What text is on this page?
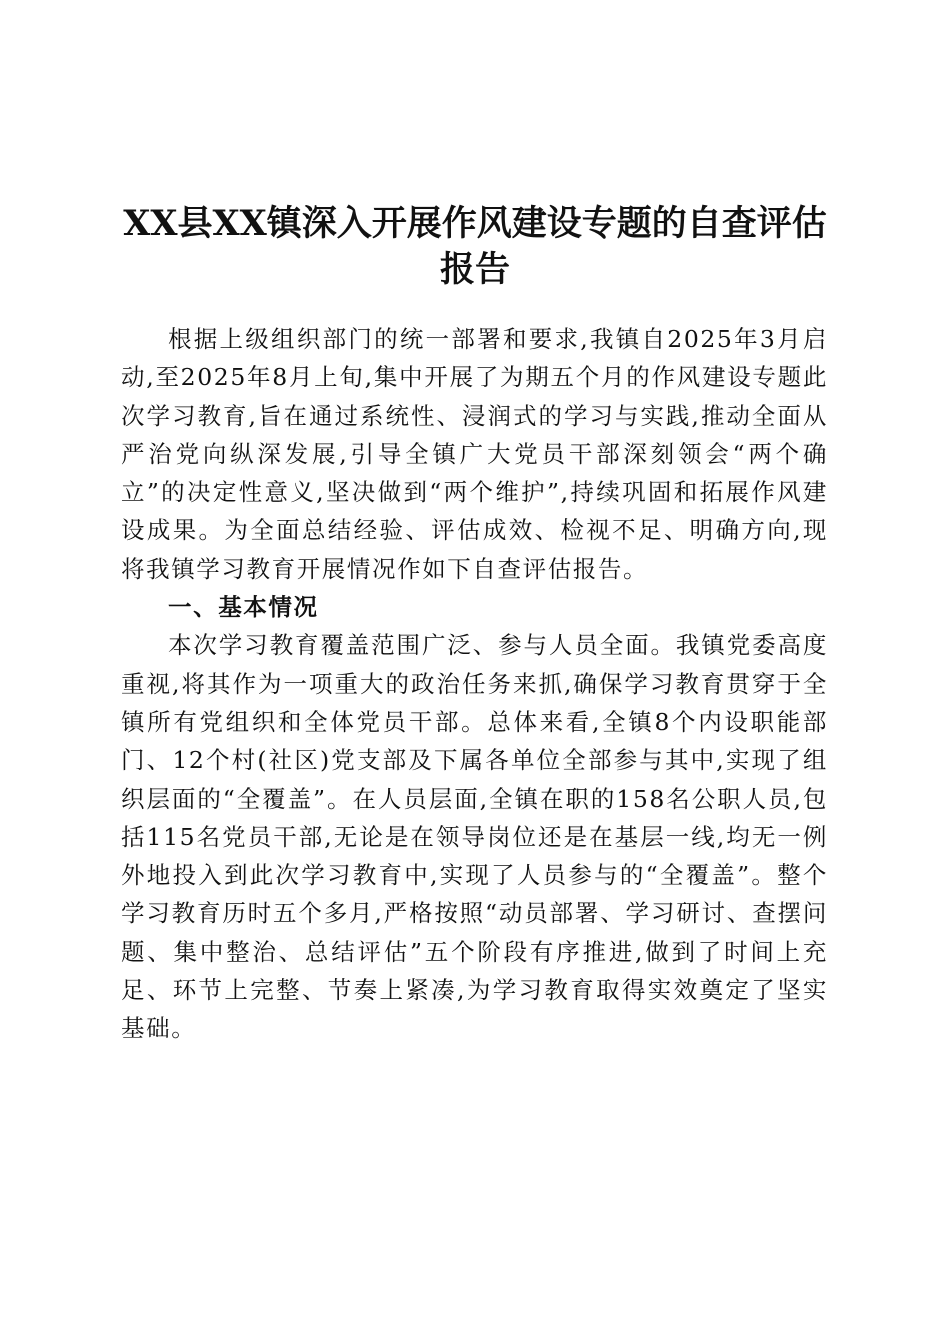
XX县XX镇深入开展作风建设专题的自查评估报告

根据上级组织部门的统一部署和要求,我镇自2025年3月启动,至2025年8月上旬,集中开展了为期五个月的作风建设专题此次学习教育,旨在通过系统性、浸润式的学习与实践,推动全面从严治党向纵深发展,引导全镇广大党员干部深刻领会“两个确立”的决定性意义,坚决做到“两个维护”,持续巩固和拓展作风建设成果。为全面总结经验、评估成效、检视不足、明确方向,现将我镇学习教育开展情况作如下自查评估报告。

一、基本情况

本次学习教育覆盖范围广泛、参与人员全面。我镇党委高度重视,将其作为一项重大的政治任务来抓,确保学习教育贯穿于全镇所有党组织和全体党员干部。总体来看,全镇8个内设职能部门、12个村(社区)党支部及下属各单位全部参与其中,实现了组织层面的“全覆盖”。在人员层面,全镇在职的158名公职人员,包括115名党员干部,无论是在领导岗位还是在基层一线,均无一例外地投入到此次学习教育中,实现了人员参与的“全覆盖”。整个学习教育历时五个多月,严格按照“动员部署、学习研讨、查摆问题、集中整治、总结评估”五个阶段有序推进,做到了时间上充足、环节上完整、节奏上紧凑,为学习教育取得实效奠定了坚实基础。
